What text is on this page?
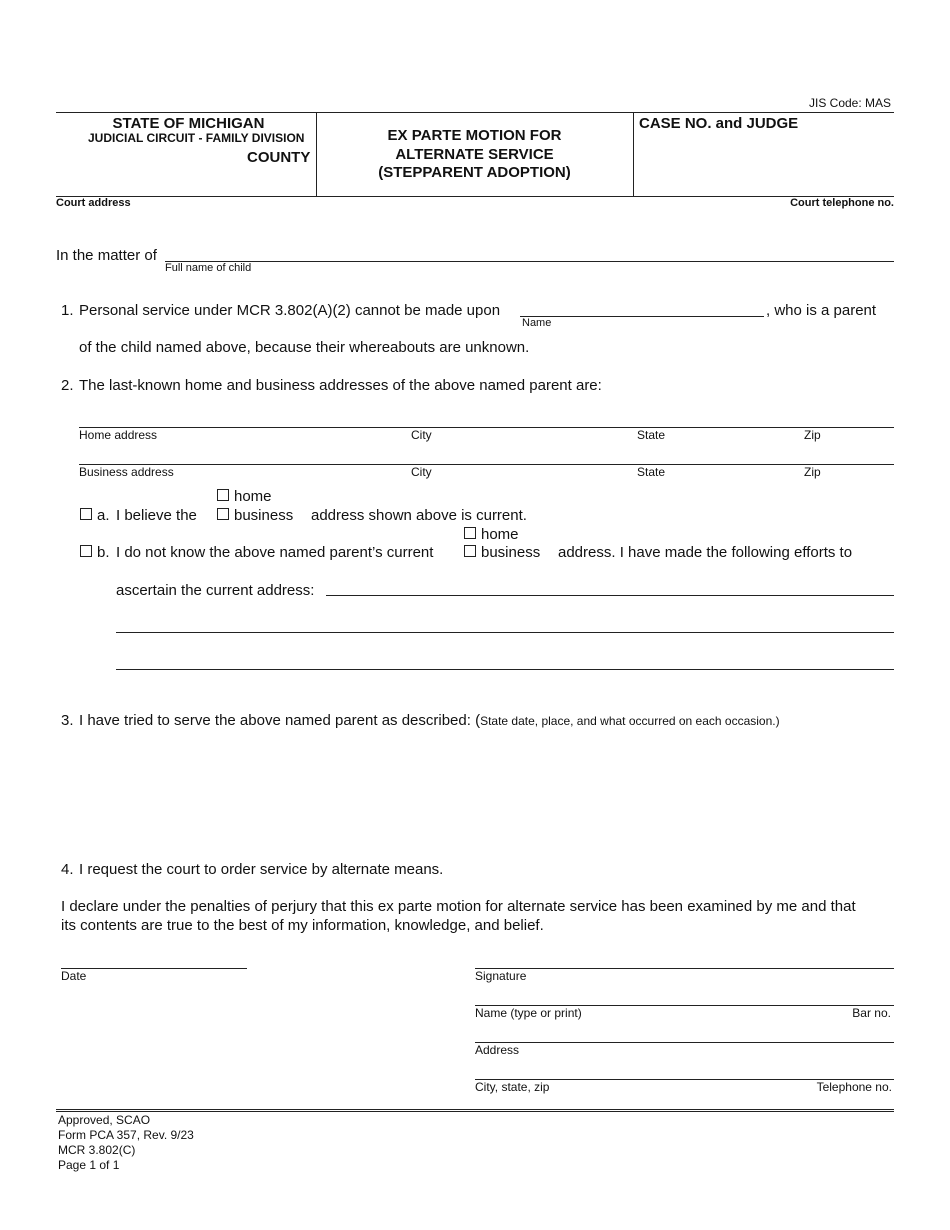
JIS Code: MAS
STATE OF MICHIGAN
JUDICIAL CIRCUIT - FAMILY DIVISION
COUNTY
EX PARTE MOTION FOR
ALTERNATE SERVICE
(STEPPARENT ADOPTION)
CASE NO. and JUDGE
Court address	Court telephone no.
In the matter of
Full name of child
1. Personal service under MCR 3.802(A)(2) cannot be made upon
Name
, who is a parent
of the child named above, because their whereabouts are unknown.
2. The last-known home and business addresses of the above named parent are:
Home address	City	State	Zip
Business address	City	State	Zip
a. I believe the
home
business address shown above is current.
b. I do not know the above named parent’s current
home
business address. I have made the following efforts to
ascertain the current address:
3. I have tried to serve the above named parent as described: (State date, place, and what occurred on each occasion.)
4. I request the court to order service by alternate means.
I declare under the penalties of perjury that this ex parte motion for alternate service has been examined by me and that
its contents are true to the best of my information, knowledge, and belief.
Date	Signature
Name (type or print)	Bar no.
Address
City, state, zip	Telephone no.
Approved, SCAO
Form PCA 357, Rev. 9/23
MCR 3.802(C)
Page 1 of 1
